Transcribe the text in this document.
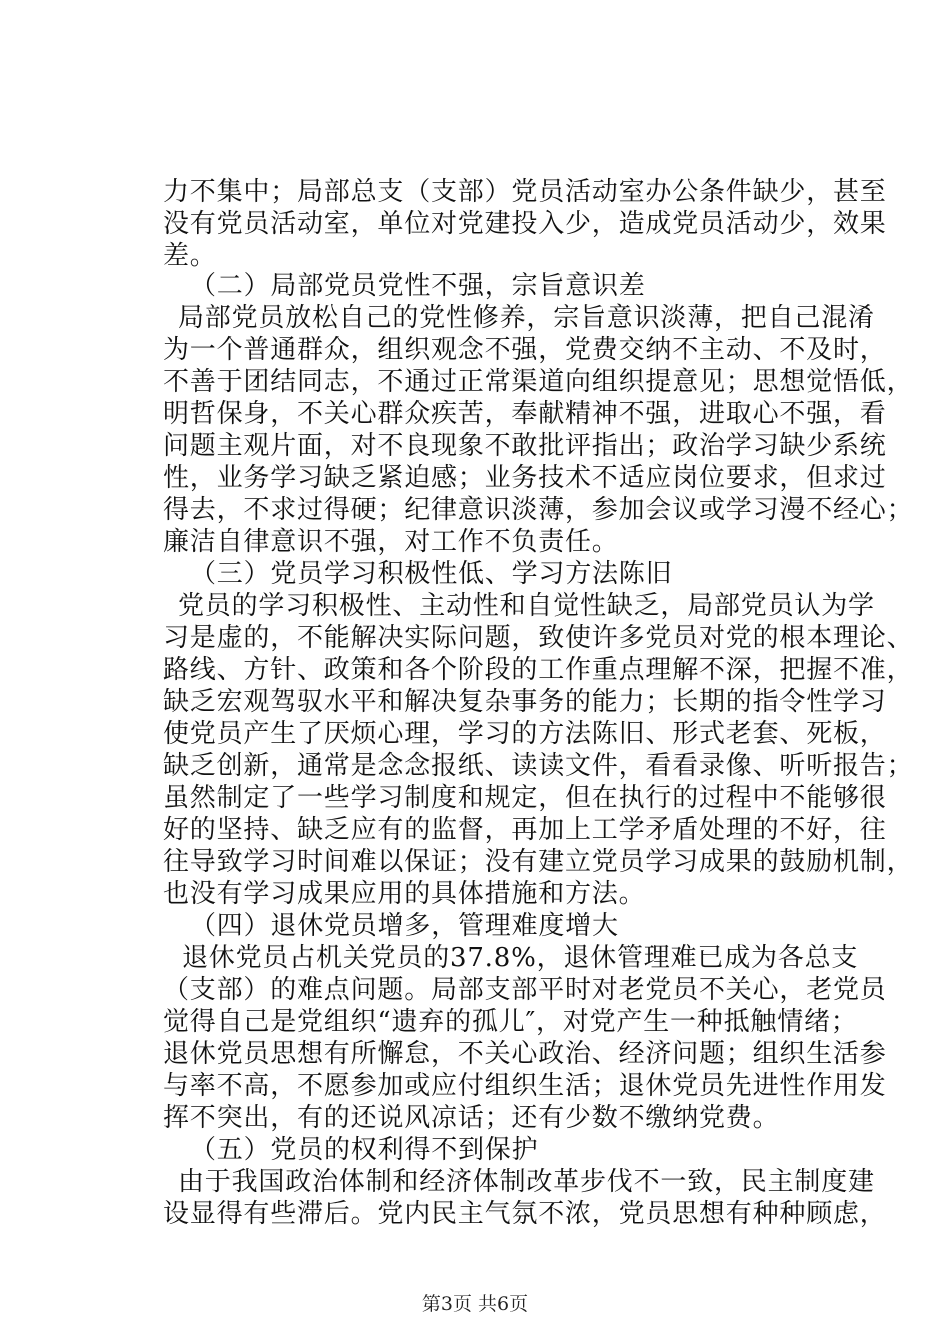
力不集中；局部总支（支部）党员活动室办公条件缺少，甚至
没有党员活动室，单位对党建投入少，造成党员活动少，效果
差。
（二）局部党员党性不强，宗旨意识差
局部党员放松自己的党性修养，宗旨意识淡薄，把自己混淆
为一个普通群众，组织观念不强，党费交纳不主动、不及时，
不善于团结同志，不通过正常渠道向组织提意见；思想觉悟低，
明哲保身，不关心群众疾苦，奉献精神不强，进取心不强，看
问题主观片面，对不良现象不敢批评指出；政治学习缺少系统
性，业务学习缺乏紧迫感；业务技术不适应岗位要求，但求过
得去，不求过得硬；纪律意识淡薄，参加会议或学习漫不经心；
廉洁自律意识不强，对工作不负责任。
（三）党员学习积极性低、学习方法陈旧
党员的学习积极性、主动性和自觉性缺乏，局部党员认为学
习是虚的，不能解决实际问题，致使许多党员对党的根本理论、
路线、方针、政策和各个阶段的工作重点理解不深，把握不准，
缺乏宏观驾驭水平和解决复杂事务的能力；长期的指令性学习
使党员产生了厌烦心理，学习的方法陈旧、形式老套、死板，
缺乏创新，通常是念念报纸、读读文件，看看录像、听听报告；
虽然制定了一些学习制度和规定，但在执行的过程中不能够很
好的坚持、缺乏应有的监督，再加上工学矛盾处理的不好，往
往导致学习时间难以保证；没有建立党员学习成果的鼓励机制，
也没有学习成果应用的具体措施和方法。
（四）退休党员增多，管理难度增大
退休党员占机关党员的37.8%，退休管理难已成为各总支
（支部）的难点问题。局部支部平时对老党员不关心，老党员
觉得自己是党组织“遗弃的孤儿″，对党产生一种抵触情绪；
退休党员思想有所懈怠，不关心政治、经济问题；组织生活参
与率不高，不愿参加或应付组织生活；退休党员先进性作用发
挥不突出，有的还说风凉话；还有少数不缴纳党费。
（五）党员的权利得不到保护
由于我国政治体制和经济体制改革步伐不一致，民主制度建
设显得有些滞后。党内民主气氛不浓，党员思想有种种顾虑，
第3页 共6页
